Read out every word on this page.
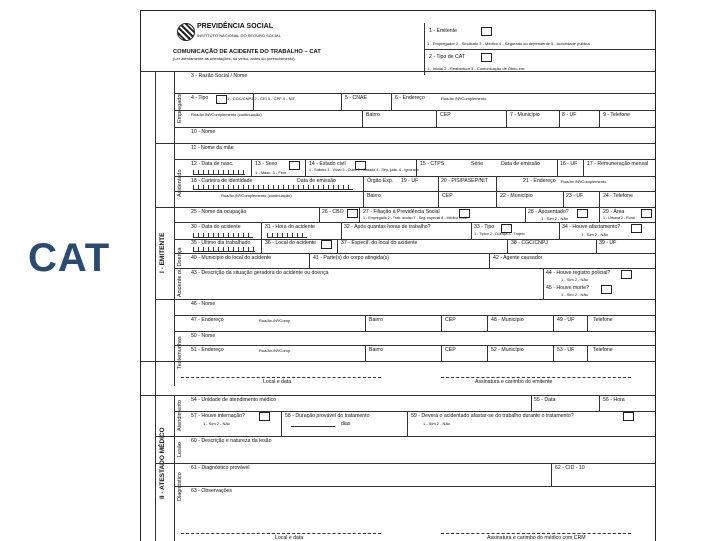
CAT
PREVIDÊNCIA SOCIAL
INSTITUTO NACIONAL DO SEGURO SOCIAL
COMUNICAÇÃO DE ACIDENTE DO TRABALHO – CAT
(Ler atentamente as orientações, no verso, antes do preenchimento)
1 - Emitente
1 - Empregador 2 - Sindicato 3 - Médico 4 - Segurado ou dependente 5 - Autoridade pública
2 - Tipo de CAT
1 - Inicial 2 - Reabertura 3 - Comunicação de Óbito em:
Empregador
Acidentado
Acidente ou Doença
Testemunhas
I - EMITENTE
II - ATESTADO MÉDICO
Atendimento
Lesão
Diagnóstico
3 - Razão Social / Nome
4 - Tipo	1 - CGC/CNPJ 2 - CEI 3 - CPF 4 - NIT	5 - CNAE	6 - Endereço	Rua/Av./Nº/Complemento
Rua/Av./Nº/Complemento (continuação)	Bairro	CEP	7 - Município	8 - UF	9 - Telefone
10 - Nome
11 - Nome da mãe
12 - Data de nasc.	13 - Sexo
1 - Masc. 3 - Fem.
14 - Estado civil
1 - Solteiro 3 - Viúvo 5 - Outro 2 - Casado 4 - Sep. judic. 6 - Ignorado
15 - CTPS	Série	Data de emissão	16 - UF 17 - Remuneração mensal
18 - Carteira de identidade	Data de emissão	Órgão Exp. 19 - UF	20 - PIS/PASEP/NIT	21 - Endereço Rua/Av./Nº/Complemento
Rua/Av./Nº/Complemento (continuação)	Bairro	CEP	22 - Município	23 - UF	24 - Telefone
25 - Nome da ocupação	26 - CBO	27 - Filiação à Previdência Social
1 - Empregado 2 - Trab. avulso 7 - Seg. especial 8 - Médico resid.
28 - Aposentado?
1 - Sim 2 - Não
29 - Área
1 - Urbana 2 - Rural
30 - Data do acidente	31 - Hora do acidente	32 - Após quantas horas de trabalho?	33 - Tipo
1 - Típico 2 - Doença 3 - Trajeto
34 - Houve afastamento?
1 - Sim 2 - Não
35 - Último dia trabalhado	36 - Local do acidente	37 - Especif. do local do acidente	38 - CGC/CNPJ	39 - UF
40 - Município do local do acidente	41 - Parte(s) do corpo atingida(s)	42 - Agente causador
43 - Descrição da situação geradora do acidente ou doença	44 - Houve registro policial?
1 - Sim 2 - Não
45 - Houve morte?
1 - Sim 2 - Não
46 - Nome
47 - Endereço	Rua/Av./Nº/Comp.	Bairro	CEP	48 - Município	49 - UF	Telefone
50 - Nome
51 - Endereço	Rua/Av./Nº/Comp.	Bairro	CEP	52 - Município	53 - UF	Telefone
Local e data	Assinatura e carimbo do emitente
54 - Unidade de atendimento médico	55 - Data	56 - Hora
57 - Houve internação?
1 - Sim 2 - Não
58 - Duração provável do tratamento
dias
59 - Deverá o acidentado afastar-se do trabalho durante o tratamento?
1 - Sim 2 - Não
60 - Descrição e natureza da lesão
61 - Diagnóstico provável	62 - CID - 10
63 - Observações
Local e data	Assinatura e carimbo do médico com CRM
